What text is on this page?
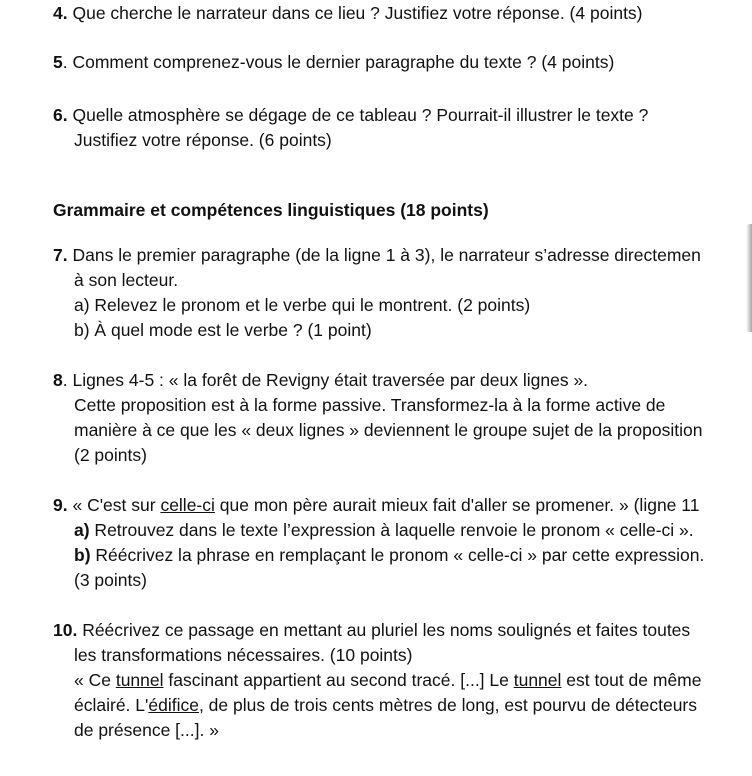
4. Que cherche le narrateur dans ce lieu ? Justifiez votre réponse. (4 points)
5. Comment comprenez-vous le dernier paragraphe du texte ? (4 points)
6. Quelle atmosphère se dégage de ce tableau ? Pourrait-il illustrer le texte ?
Justifiez votre réponse. (6 points)
Grammaire et compétences linguistiques (18 points)
7. Dans le premier paragraphe (de la ligne 1 à 3), le narrateur s’adresse directemen
à son lecteur.
a) Relevez le pronom et le verbe qui le montrent. (2 points)
b) À quel mode est le verbe ? (1 point)
8. Lignes 4-5 : « la forêt de Revigny était traversée par deux lignes ».
Cette proposition est à la forme passive. Transformez-la à la forme active de
manière à ce que les « deux lignes » deviennent le groupe sujet de la proposition
(2 points)
9. « C'est sur celle-ci que mon père aurait mieux fait d'aller se promener. » (ligne 11
a) Retrouvez dans le texte l’expression à laquelle renvoie le pronom « celle-ci ».
b) Réécrivez la phrase en remplaçant le pronom « celle-ci » par cette expression.
(3 points)
10. Réécrivez ce passage en mettant au pluriel les noms soulignés et faites toutes
les transformations nécessaires. (10 points)
« Ce tunnel fascinant appartient au second tracé. [...] Le tunnel est tout de même
éclairé. L'édifice, de plus de trois cents mètres de long, est pourvu de détecteurs
de présence [...]. »
